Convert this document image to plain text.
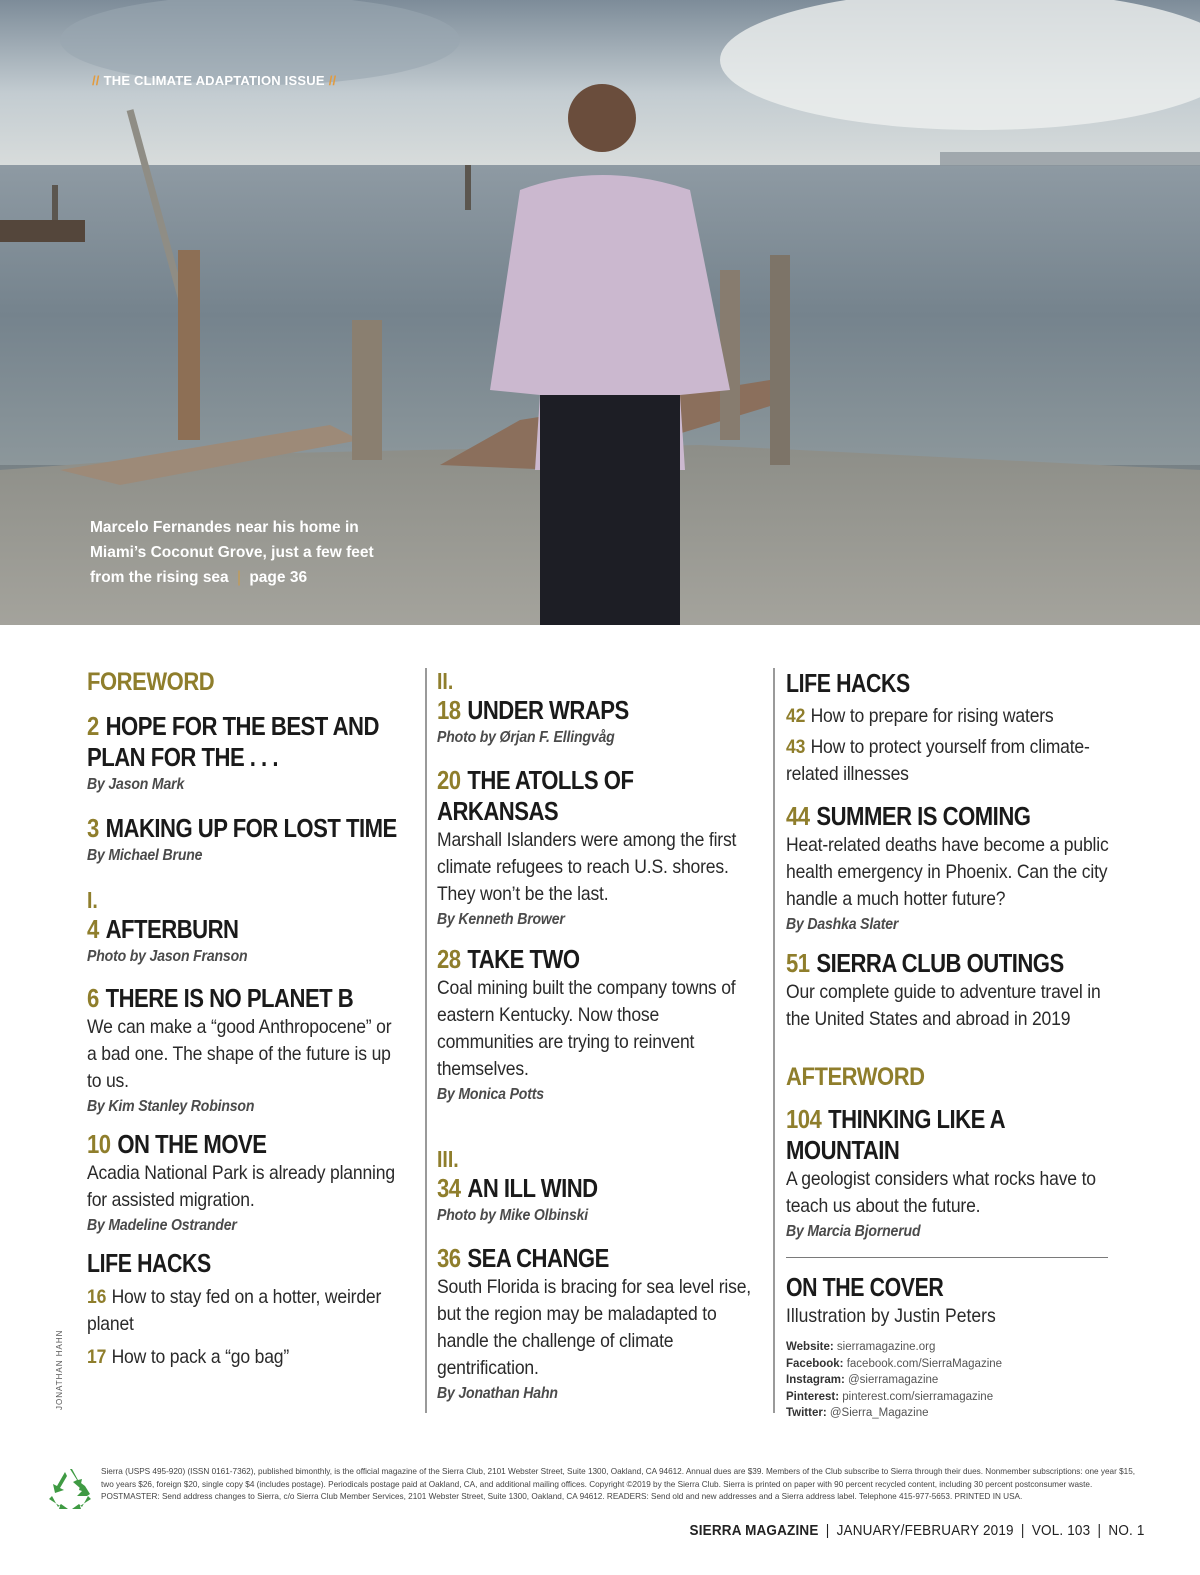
// THE CLIMATE ADAPTATION ISSUE //
Marcelo Fernandes near his home in Miami’s Coconut Grove, just a few feet from the rising sea | page 36
FOREWORD
2 HOPE FOR THE BEST AND PLAN FOR THE . . .
By Jason Mark
3 MAKING UP FOR LOST TIME
By Michael Brune
I.
4 AFTERBURN
Photo by Jason Franson
6 THERE IS NO PLANET B
We can make a “good Anthropocene” or a bad one. The shape of the future is up to us.
By Kim Stanley Robinson
10 ON THE MOVE
Acadia National Park is already planning for assisted migration.
By Madeline Ostrander
LIFE HACKS
16 How to stay fed on a hotter, weirder planet
17 How to pack a “go bag”
II.
18 UNDER WRAPS
Photo by Ørjan F. Ellingvåg
20 THE ATOLLS OF ARKANSAS
Marshall Islanders were among the first climate refugees to reach U.S. shores. They won’t be the last.
By Kenneth Brower
28 TAKE TWO
Coal mining built the company towns of eastern Kentucky. Now those communities are trying to reinvent themselves.
By Monica Potts
III.
34 AN ILL WIND
Photo by Mike Olbinski
36 SEA CHANGE
South Florida is bracing for sea level rise, but the region may be maladapted to handle the challenge of climate gentrification.
By Jonathan Hahn
LIFE HACKS
42 How to prepare for rising waters
43 How to protect yourself from climate-related illnesses
44 SUMMER IS COMING
Heat-related deaths have become a public health emergency in Phoenix. Can the city handle a much hotter future?
By Dashka Slater
51 SIERRA CLUB OUTINGS
Our complete guide to adventure travel in the United States and abroad in 2019
AFTERWORD
104 THINKING LIKE A MOUNTAIN
A geologist considers what rocks have to teach us about the future.
By Marcia Bjornerud
ON THE COVER
Illustration by Justin Peters
Website: sierramagazine.org
Facebook: facebook.com/SierraMagazine
Instagram: @sierramagazine
Pinterest: pinterest.com/sierramagazine
Twitter: @Sierra_Magazine
JONATHAN HAHN
Sierra (USPS 495-920) (ISSN 0161-7362), published bimonthly, is the official magazine of the Sierra Club, 2101 Webster Street, Suite 1300, Oakland, CA 94612. Annual dues are $39. Members of the Club subscribe to Sierra through their dues. Nonmember subscriptions: one year $15, two years $26, foreign $20, single copy $4 (includes postage). Periodicals postage paid at Oakland, CA, and additional mailing offices. Copyright ©2019 by the Sierra Club. Sierra is printed on paper with 90 percent recycled content, including 30 percent postconsumer waste. POSTMASTER: Send address changes to Sierra, c/o Sierra Club Member Services, 2101 Webster Street, Suite 1300, Oakland, CA 94612. READERS: Send old and new addresses and a Sierra address label. Telephone 415-977-5653. PRINTED IN USA.
SIERRA MAGAZINE | JANUARY/FEBRUARY 2019 | VOL. 103 | NO. 1
